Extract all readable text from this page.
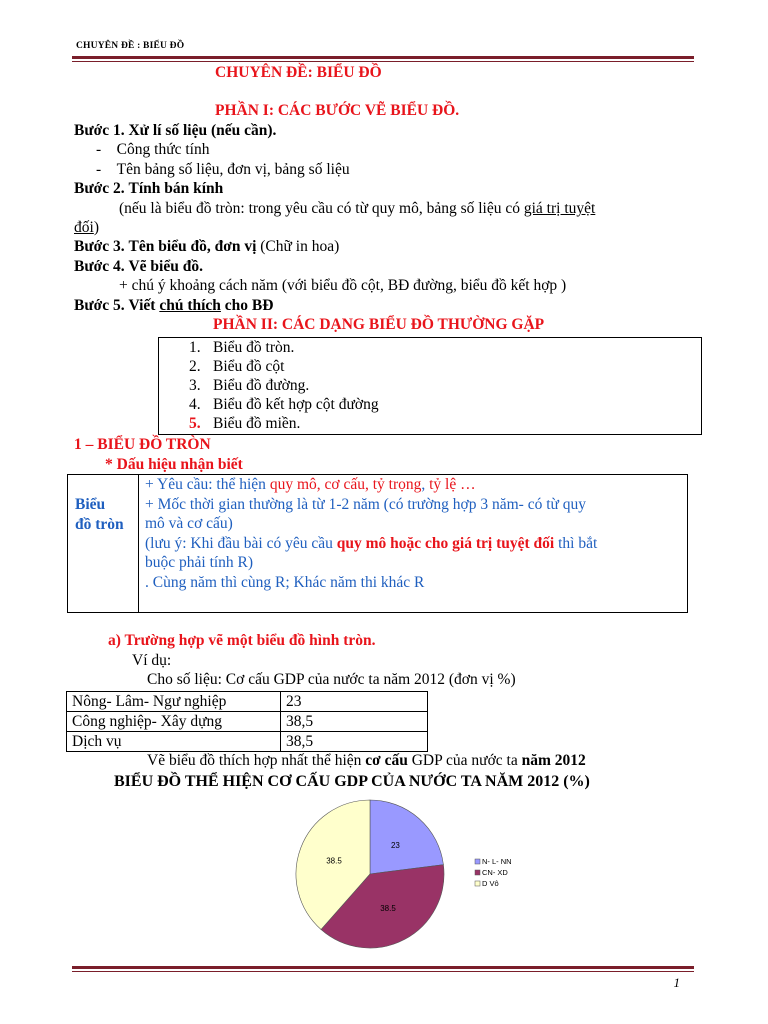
CHUYÊN ĐỀ : BIỂU ĐỒ
CHUYÊN ĐỀ: BIỂU ĐỒ
PHẦN I: CÁC BƯỚC VẼ BIỂU ĐỒ.
Bước 1. Xử lí số liệu (nếu cần).
-    Công thức tính
-    Tên bảng số liệu, đơn vị, bảng số liệu
Bước 2. Tính bán kính
(nếu là biểu đồ tròn: trong yêu cầu có từ quy mô, bảng số liệu có giá trị tuyệt
đối)
Bước 3. Tên biểu đồ, đơn vị (Chữ in hoa)
Bước 4. Vẽ biểu đồ.
+ chú ý khoảng cách năm (với biểu đồ cột, BĐ đường, biểu đồ kết hợp )
Bước 5. Viết chú thích cho BĐ
PHẦN II: CÁC DẠNG BIỂU ĐỒ THƯỜNG GẶP
1. Biểu đồ tròn.
2. Biểu đồ cột
3. Biểu đồ đường.
4. Biểu đồ kết hợp cột đường
5. Biểu đồ miền.
1 – BIỂU ĐỒ TRÒN
* Dấu hiệu nhận biết
Biểu
đồ tròn
+ Yêu cầu: thể hiện quy mô, cơ cấu, tỷ trọng, tỷ lệ …
+ Mốc thời gian thường là từ 1-2 năm (có trường hợp 3 năm- có từ quy
mô và cơ cấu)
(lưu ý: Khi đầu bài có yêu cầu quy mô hoặc cho giá trị tuyệt đối thì bắt
buộc phải tính R)
. Cùng năm thì cùng R; Khác năm thi khác R
a) Trường hợp vẽ một biểu đồ hình tròn.
Ví dụ:
Cho số liệu: Cơ cấu GDP của nước ta năm 2012 (đơn vị %)
Nông- Lâm- Ngư nghiệp	23
Công nghiệp- Xây dựng	38,5
Dịch vụ	38,5
Vẽ biểu đồ thích hợp nhất thể hiện cơ cấu GDP của nước ta năm 2012
BIỂU ĐỒ THỂ HIỆN CƠ CẤU GDP CỦA NƯỚC TA NĂM 2012 (%)
23
38.5
38.5	N- L- NN
CN- XD
D Vô
1
